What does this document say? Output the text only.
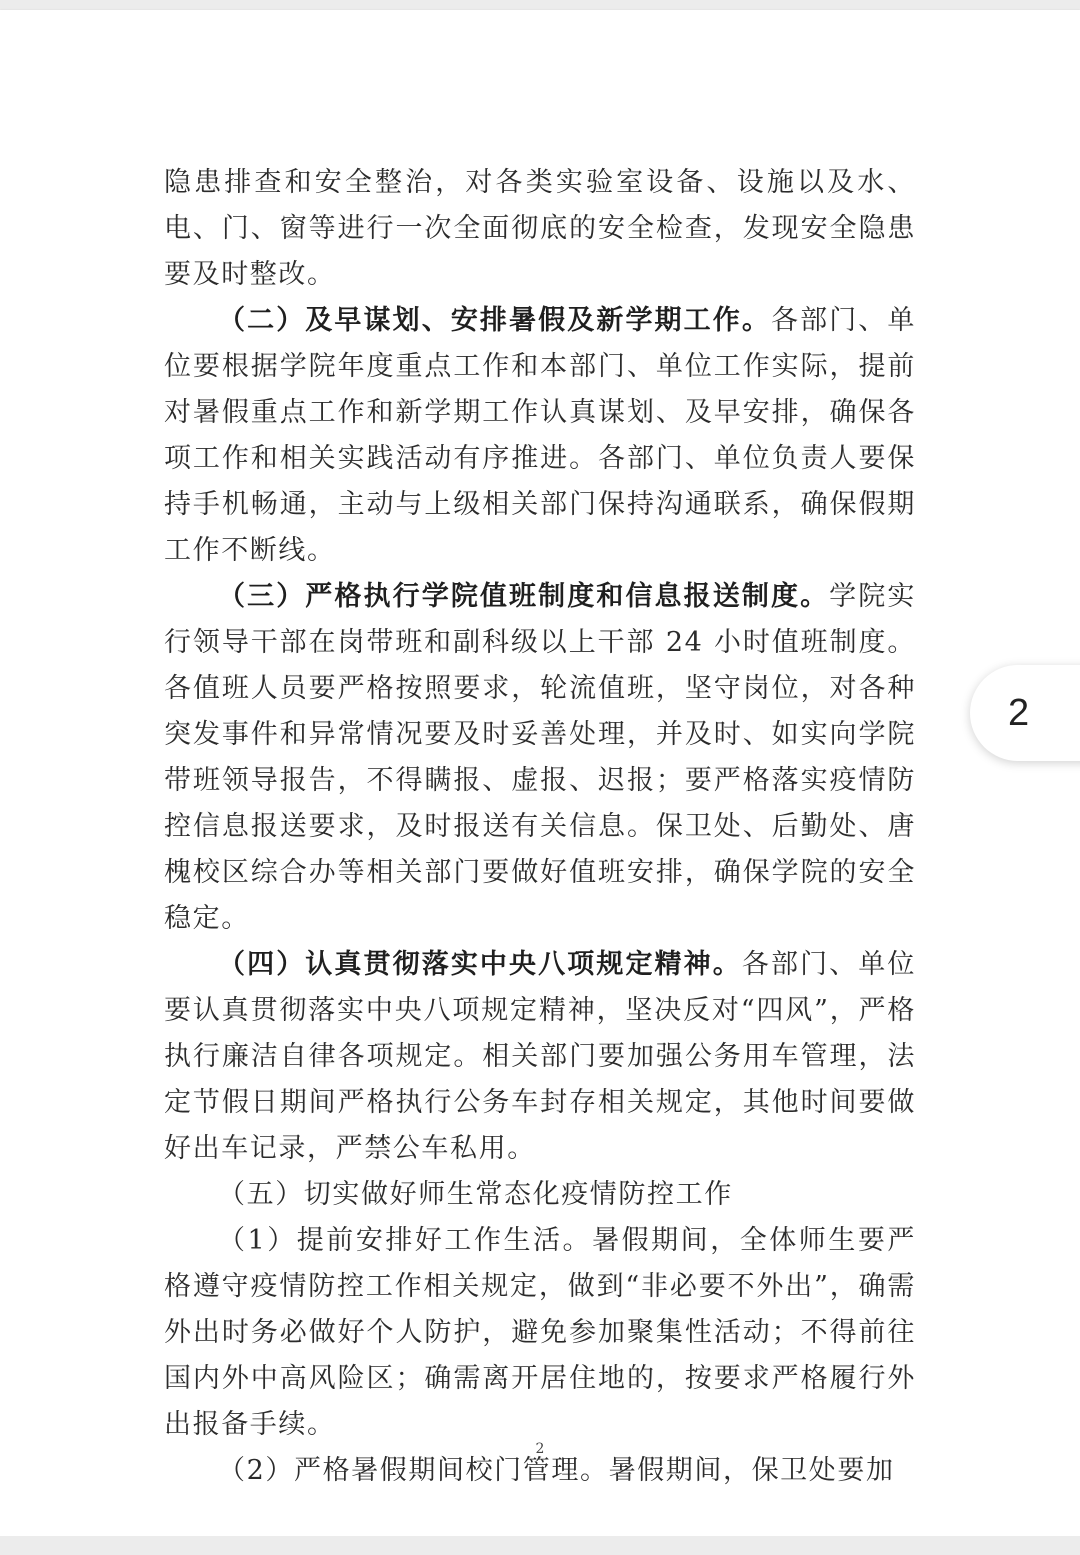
隐患排查和安全整治，对各类实验室设备、设施以及水、电、门、窗等进行一次全面彻底的安全检查，发现安全隐患要及时整改。

（二）及早谋划、安排暑假及新学期工作。各部门、单位要根据学院年度重点工作和本部门、单位工作实际，提前对暑假重点工作和新学期工作认真谋划、及早安排，确保各项工作和相关实践活动有序推进。各部门、单位负责人要保持手机畅通，主动与上级相关部门保持沟通联系，确保假期工作不断线。

（三）严格执行学院值班制度和信息报送制度。学院实行领导干部在岗带班和副科级以上干部 24 小时值班制度。各值班人员要严格按照要求，轮流值班，坚守岗位，对各种突发事件和异常情况要及时妥善处理，并及时、如实向学院带班领导报告，不得瞒报、虚报、迟报；要严格落实疫情防控信息报送要求，及时报送有关信息。保卫处、后勤处、唐槐校区综合办等相关部门要做好值班安排，确保学院的安全稳定。

（四）认真贯彻落实中央八项规定精神。各部门、单位要认真贯彻落实中央八项规定精神，坚决反对“四风”，严格执行廉洁自律各项规定。相关部门要加强公务用车管理，法定节假日期间严格执行公务车封存相关规定，其他时间要做好出车记录，严禁公车私用。

（五）切实做好师生常态化疫情防控工作

（1）提前安排好工作生活。暑假期间，全体师生要严格遵守疫情防控工作相关规定，做到“非必要不外出”，确需外出时务必做好个人防护，避免参加聚集性活动；不得前往国内外中高风险区；确需离开居住地的，按要求严格履行外出报备手续。

（2）严格暑假期间校门管理。暑假期间，保卫处要加

2
2
